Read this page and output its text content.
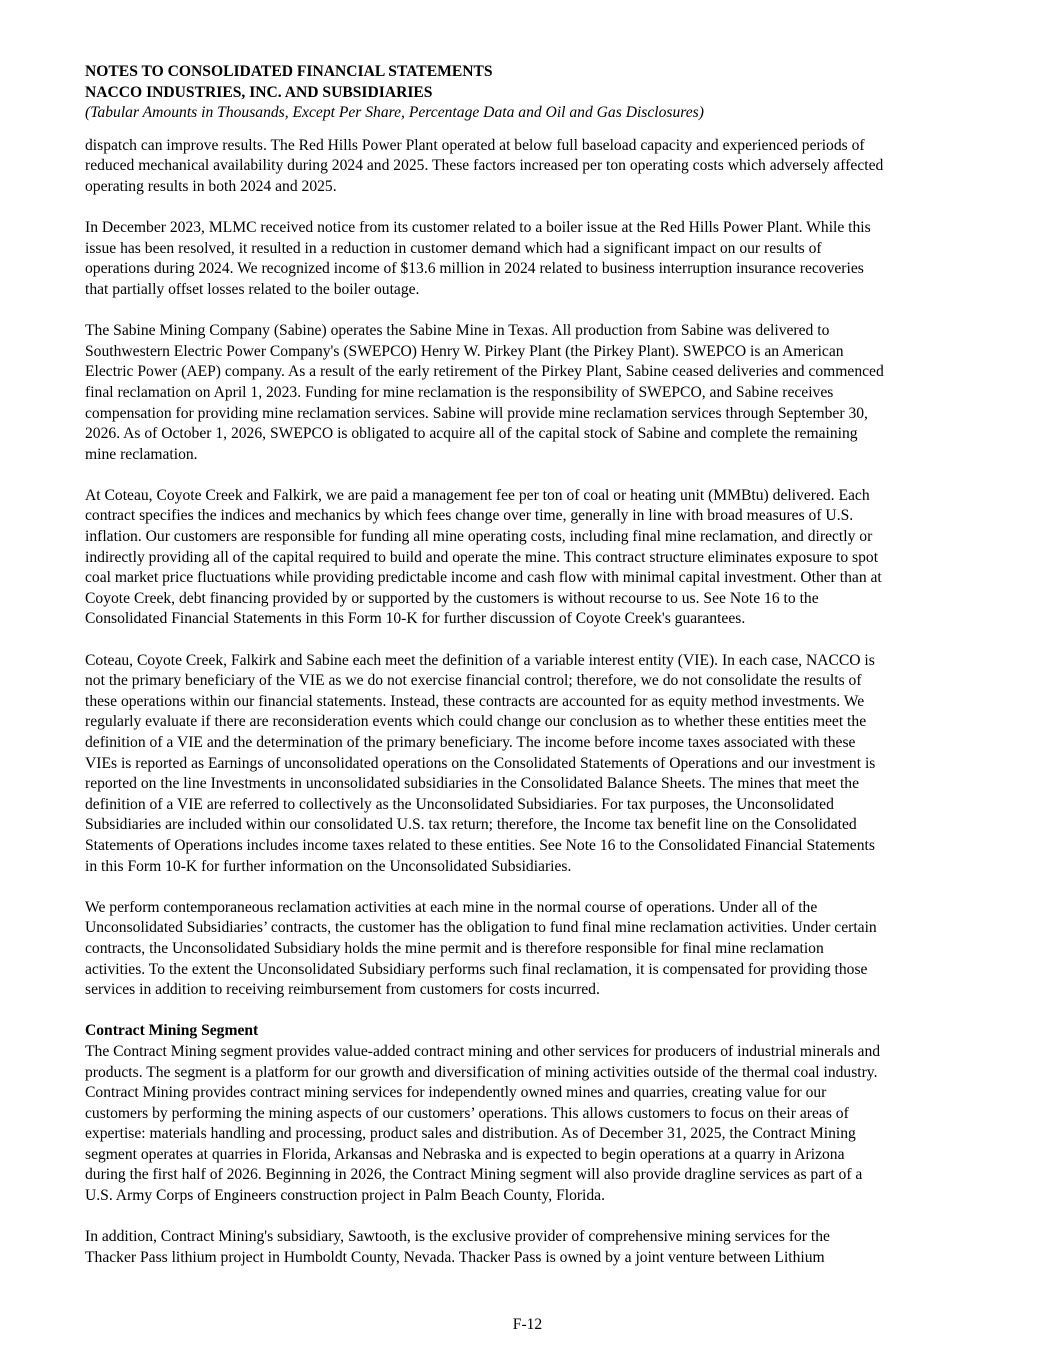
NOTES TO CONSOLIDATED FINANCIAL STATEMENTS
NACCO INDUSTRIES, INC. AND SUBSIDIARIES
(Tabular Amounts in Thousands, Except Per Share, Percentage Data and Oil and Gas Disclosures)
dispatch can improve results. The Red Hills Power Plant operated at below full baseload capacity and experienced periods of
reduced mechanical availability during 2024 and 2025. These factors increased per ton operating costs which adversely affected
operating results in both 2024 and 2025.
In December 2023, MLMC received notice from its customer related to a boiler issue at the Red Hills Power Plant. While this
issue has been resolved, it resulted in a reduction in customer demand which had a significant impact on our results of
operations during 2024. We recognized income of $13.6 million in 2024 related to business interruption insurance recoveries
that partially offset losses related to the boiler outage.
The Sabine Mining Company (Sabine) operates the Sabine Mine in Texas. All production from Sabine was delivered to
Southwestern Electric Power Company's (SWEPCO) Henry W. Pirkey Plant (the Pirkey Plant). SWEPCO is an American
Electric Power (AEP) company. As a result of the early retirement of the Pirkey Plant, Sabine ceased deliveries and commenced
final reclamation on April 1, 2023. Funding for mine reclamation is the responsibility of SWEPCO, and Sabine receives
compensation for providing mine reclamation services. Sabine will provide mine reclamation services through September 30,
2026. As of October 1, 2026, SWEPCO is obligated to acquire all of the capital stock of Sabine and complete the remaining
mine reclamation.
At Coteau, Coyote Creek and Falkirk, we are paid a management fee per ton of coal or heating unit (MMBtu) delivered. Each
contract specifies the indices and mechanics by which fees change over time, generally in line with broad measures of U.S.
inflation. Our customers are responsible for funding all mine operating costs, including final mine reclamation, and directly or
indirectly providing all of the capital required to build and operate the mine. This contract structure eliminates exposure to spot
coal market price fluctuations while providing predictable income and cash flow with minimal capital investment. Other than at
Coyote Creek, debt financing provided by or supported by the customers is without recourse to us. See Note 16 to the
Consolidated Financial Statements in this Form 10-K for further discussion of Coyote Creek's guarantees.
Coteau, Coyote Creek, Falkirk and Sabine each meet the definition of a variable interest entity (VIE). In each case, NACCO is
not the primary beneficiary of the VIE as we do not exercise financial control; therefore, we do not consolidate the results of
these operations within our financial statements. Instead, these contracts are accounted for as equity method investments. We
regularly evaluate if there are reconsideration events which could change our conclusion as to whether these entities meet the
definition of a VIE and the determination of the primary beneficiary. The income before income taxes associated with these
VIEs is reported as Earnings of unconsolidated operations on the Consolidated Statements of Operations and our investment is
reported on the line Investments in unconsolidated subsidiaries in the Consolidated Balance Sheets. The mines that meet the
definition of a VIE are referred to collectively as the Unconsolidated Subsidiaries. For tax purposes, the Unconsolidated
Subsidiaries are included within our consolidated U.S. tax return; therefore, the Income tax benefit line on the Consolidated
Statements of Operations includes income taxes related to these entities. See Note 16 to the Consolidated Financial Statements
in this Form 10-K for further information on the Unconsolidated Subsidiaries.
We perform contemporaneous reclamation activities at each mine in the normal course of operations. Under all of the
Unconsolidated Subsidiaries’ contracts, the customer has the obligation to fund final mine reclamation activities. Under certain
contracts, the Unconsolidated Subsidiary holds the mine permit and is therefore responsible for final mine reclamation
activities. To the extent the Unconsolidated Subsidiary performs such final reclamation, it is compensated for providing those
services in addition to receiving reimbursement from customers for costs incurred.
Contract Mining Segment
The Contract Mining segment provides value-added contract mining and other services for producers of industrial minerals and
products. The segment is a platform for our growth and diversification of mining activities outside of the thermal coal industry.
Contract Mining provides contract mining services for independently owned mines and quarries, creating value for our
customers by performing the mining aspects of our customers’ operations. This allows customers to focus on their areas of
expertise: materials handling and processing, product sales and distribution. As of December 31, 2025, the Contract Mining
segment operates at quarries in Florida, Arkansas and Nebraska and is expected to begin operations at a quarry in Arizona
during the first half of 2026. Beginning in 2026, the Contract Mining segment will also provide dragline services as part of a
U.S. Army Corps of Engineers construction project in Palm Beach County, Florida.
In addition, Contract Mining's subsidiary, Sawtooth, is the exclusive provider of comprehensive mining services for the
Thacker Pass lithium project in Humboldt County, Nevada. Thacker Pass is owned by a joint venture between Lithium
F-12
